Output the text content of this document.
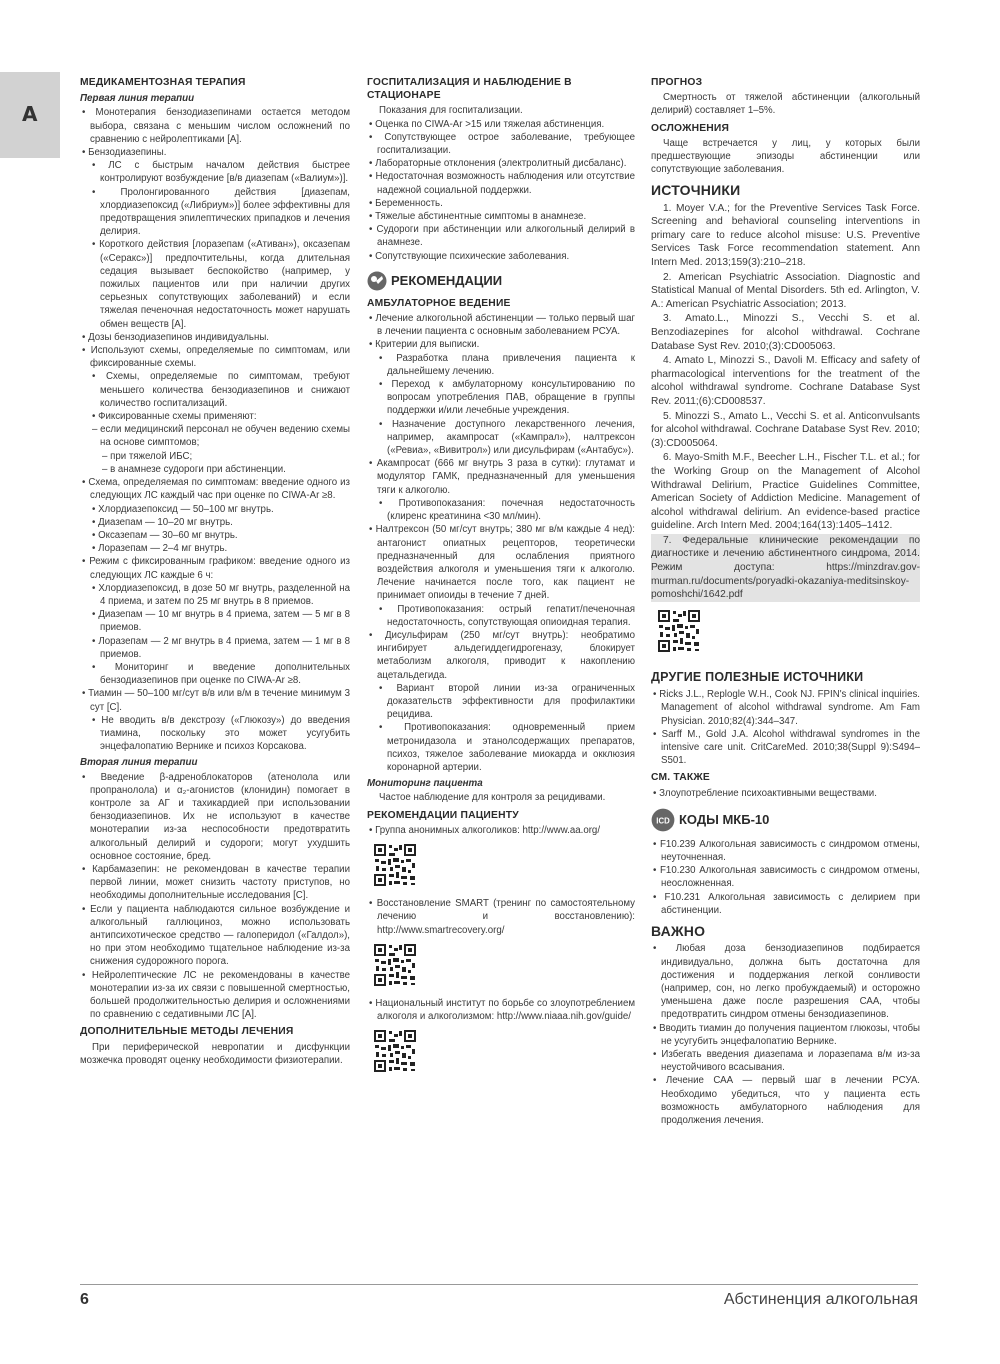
А
МЕДИКАМЕНТОЗНАЯ ТЕРАПИЯ
Первая линия терапии

• Монотерапия бензодиазепинами остается методом выбора, связана с меньшим числом осложнений по сравнению с нейролептиками [А].

• Бензодиазепины.

• ЛС с быстрым началом действия быстрее контролируют возбуждение [в/в диазепам («Валиум»)].

• Пролонгированного действия [диазепам, хлордиазепоксид («Либриум»)] более эффективны для предотвращения эпилептических припадков и лечения делирия.

• Короткого действия [лоразепам («Ативан»), оксазепам («Серакс»)] предпочтительны, когда длительная седация вызывает беспокойство (например, у пожилых пациентов или при наличии других серьезных сопутствующих заболеваний) и если тяжелая печеночная недостаточность может нарушать обмен веществ [А].

• Дозы бензодиазепинов индивидуальны.

• Используют схемы, определяемые по симптомам, или фиксированные схемы.

• Схемы, определяемые по симптомам, требуют меньшего количества бензодиазепинов и снижают количество госпитализаций.

• Фиксированные схемы применяют:

– если медицинский персонал не обучен ведению схемы на основе симптомов;

– при тяжелой ИБС;

– в анамнезе судороги при абстиненции.

• Схема, определяемая по симптомам: введение одного из следующих ЛС каждый час при оценке по CIWA-Ar ≥8.

• Хлордиазепоксид — 50–100 мг внутрь.

• Диазепам — 10–20 мг внутрь.

• Оксазепам — 30–60 мг внутрь.

• Лоразепам — 2–4 мг внутрь.

• Режим с фиксированным графиком: введение одного из следующих ЛС каждые 6 ч:

• Хлордиазепоксид, в дозе 50 мг внутрь, разделенной на 4 приема, и затем по 25 мг внутрь в 8 приемов.

• Диазепам — 10 мг внутрь в 4 приема, затем — 5 мг в 8 приемов.

• Лоразепам — 2 мг внутрь в 4 приема, затем — 1 мг в 8 приемов.

• Мониторинг и введение дополнительных бензодиазепинов при оценке по CIWA-Ar ≥8.

• Тиамин — 50–100 мг/сут в/в или в/м в течение минимум 3 сут [С].

• Не вводить в/в декстрозу («Глюкозу») до введения тиамина, поскольку это может усугубить энцефалопатию Вернике и психоз Корсакова.

Вторая линия терапии

• Введение β-адреноблокаторов (атенолола или пропранолола) и α₂-агонистов (клонидин) помогает в контроле за АГ и тахикардией при использовании бензодиазепинов. Их не используют в качестве монотерапии из-за неспособности предотвратить алкогольный делирий и судороги; могут ухудшить основное состояние, бред.

• Карбамазепин: не рекомендован в качестве терапии первой линии, может снизить частоту приступов, но необходимы дополнительные исследования [С].

• Если у пациента наблюдаются сильное возбуждение и алкогольный галлюциноз, можно использовать антипсихотическое средство — галоперидол («Галдол»), но при этом необходимо тщательное наблюдение из-за снижения судорожного порога.

• Нейролептические ЛС не рекомендованы в качестве монотерапии из-за их связи с повышенной смертностью, большей продолжительностью делирия и осложнениями по сравнению с седативными ЛС [А].

ДОПОЛНИТЕЛЬНЫЕ МЕТОДЫ ЛЕЧЕНИЯ

При периферической невропатии и дисфункции мозжечка проводят оценку необходимости физиотерапии.

ГОСПИТАЛИЗАЦИЯ И НАБЛЮДЕНИЕ В СТАЦИОНАРЕ

Показания для госпитализации.

• Оценка по CIWA-Ar >15 или тяжелая абстиненция.

• Сопутствующее острое заболевание, требующее госпитализации.

• Лабораторные отклонения (электролитный дисбаланс).

• Недостаточная возможность наблюдения или отсутствие надежной социальной поддержки.

• Беременность.

• Тяжелые абстинентные симптомы в анамнезе.

• Судороги при абстиненции или алкогольный делирий в анамнезе.

• Сопутствующие психические заболевания.

РЕКОМЕНДАЦИИ
АМБУЛАТОРНОЕ ВЕДЕНИЕ

• Лечение алкогольной абстиненции — только первый шаг в лечении пациента с основным заболеванием РСУА.

• Критерии для выписки.

• Разработка плана привлечения пациента к дальнейшему лечению.

• Переход к амбулаторному консультированию по вопросам употребления ПАВ, обращение в группы поддержки и/или лечебные учреждения.

• Назначение доступного лекарственного лечения, например, акампросат («Кампрал»), налтрексон («Ревиа», «Вивитрол») или дисульфирам («Антабус»).

• Акампросат (666 мг внутрь 3 раза в сутки): глутамат и модулятор ГАМК, предназначенный для уменьшения тяги к алкоголю.

• Противопоказания: почечная недостаточность (клиренс креатинина <30 мл/мин).

• Налтрексон (50 мг/сут внутрь; 380 мг в/м каждые 4 нед): антагонист опиатных рецепторов, теоретически предназначенный для ослабления приятного воздействия алкоголя и уменьшения тяги к алкоголю. Лечение начинается после того, как пациент не принимает опиоиды в течение 7 дней.

• Противопоказания: острый гепатит/печеночная недостаточность, сопутствующая опиоидная терапия.

• Дисульфирам (250 мг/сут внутрь): необратимо ингибирует альдегиддегидрогеназу, блокирует метаболизм алкоголя, приводит к накоплению ацетальдегида.

• Вариант второй линии из-за ограниченных доказательств эффективности для профилактики рецидива.

• Противопоказания: одновременный прием метронидазола и этанолсодержащих препаратов, психоз, тяжелое заболевание миокарда и окклюзия коронарной артерии.

Мониторинг пациента

Частое наблюдение для контроля за рецидивами.

РЕКОМЕНДАЦИИ ПАЦИЕНТУ

• Группа анонимных алкоголиков: http://www.aa.org/

• Восстановление SMART (тренинг по самостоятельному лечению и восстановлению): http://www.smartrecovery.org/

• Национальный институт по борьбе со злоупотреблением алкоголя и алкоголизмом: http://www.niaaa.nih.gov/guide/

ПРОГНОЗ

Смертность от тяжелой абстиненции (алкогольный делирий) составляет 1–5%.

ОСЛОЖНЕНИЯ

Чаще встречается у лиц, у которых были предшествующие эпизоды абстиненции или сопутствующие заболевания.

ИСТОЧНИКИ

1. Moyer V.A.; for the Preventive Services Task Force. Screening and behavioral counseling interventions in primary care to reduce alcohol misuse: U.S. Preventive Services Task Force recommendation statement. Ann Intern Med. 2013;159(3):210–218.

2. American Psychiatric Association. Diagnostic and Statistical Manual of Mental Disorders. 5th ed. Arlington, V. A.: American Psychiatric Association; 2013.

3. Amato.L., Minozzi S., Vecchi S. et al. Benzodiazepines for alcohol withdrawal. Cochrane Database Syst Rev. 2010;(3):CD005063.

4. Amato L, Minozzi S., Davoli M. Efficacy and safety of pharmacological interventions for the treatment of the alcohol withdrawal syndrome. Cochrane Database Syst Rev. 2011;(6):CD008537.

5. Minozzi S., Amato L., Vecchi S. et al. Anticonvulsants for alcohol withdrawal. Cochrane Database Syst Rev. 2010;(3):CD005064.

6. Mayo-Smith M.F., Beecher L.H., Fischer T.L. et al.; for the Working Group on the Management of Alcohol Withdrawal Delirium, Practice Guidelines Committee, American Society of Addiction Medicine. Management of alcohol withdrawal delirium. An evidence-based practice guideline. Arch Intern Med. 2004;164(13):1405–1412.

7. Федеральные клинические рекомендации по диагностике и лечению абстинентного синдрома, 2014. Режим доступа: https://minzdrav.gov-murman.ru/documents/poryadki-okazaniya-meditsinskoy-pomoshchi/1642.pdf

ДРУГИЕ ПОЛЕЗНЫЕ ИСТОЧНИКИ

• Ricks J.L., Replogle W.H., Cook NJ. FPIN's clinical inquiries. Management of alcohol withdrawal syndrome. Am Fam Physician. 2010;82(4):344–347.

• Sarff M., Gold J.A. Alcohol withdrawal syndromes in the intensive care unit. CritCareMed. 2010;38(Suppl 9):S494–S501.

СМ. ТАКЖЕ

• Злоупотребление психоактивными веществами.

ICD КОДЫ МКБ-10

• F10.239 Алкогольная зависимость с синдромом отмены, неуточненная.

• F10.230 Алкогольная зависимость с синдромом отмены, неосложненная.

• F10.231 Алкогольная зависимость с делирием при абстиненции.

ВАЖНО

• Любая доза бензодиазепинов подбирается индивидуально, должна быть достаточна для достижения и поддержания легкой сонливости (например, сон, но легко пробуждаемый) и осторожно уменьшена даже после разрешения САА, чтобы предотвратить синдром отмены бензодиазепинов.

• Вводить тиамин до получения пациентом глюкозы, чтобы не усугубить энцефалопатию Вернике.

• Избегать введения диазепама и лоразепама в/м из-за неустойчивого всасывания.

• Лечение САА — первый шаг в лечении РСУА. Необходимо убедиться, что у пациента есть возможность амбулаторного наблюдения для продолжения лечения.

6	Абстиненция алкогольная
